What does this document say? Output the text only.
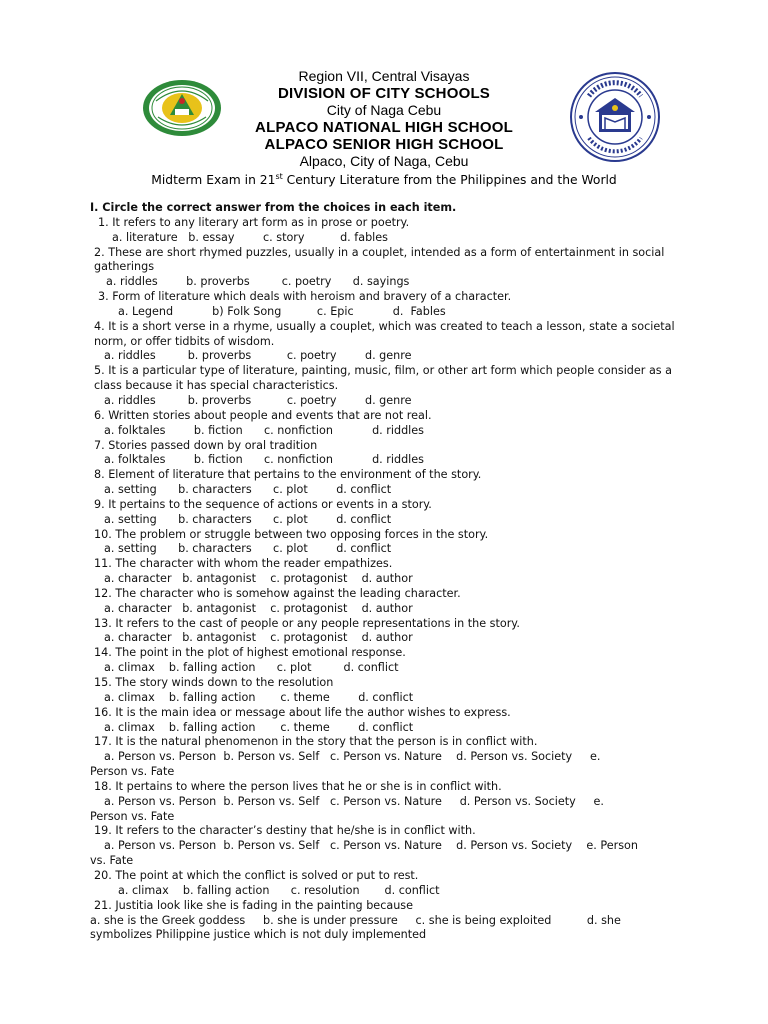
Region VII, Central Visayas
DIVISION OF CITY SCHOOLS
City of Naga Cebu
ALPACO NATIONAL HIGH SCHOOL
ALPACO SENIOR HIGH SCHOOL
Alpaco, City of Naga, Cebu
Midterm Exam in 21st Century Literature from the Philippines and the World
I. Circle the correct answer from the choices in each item.
1. It refers to any literary art form as in prose or poetry.
a. literature   b. essay        c. story          d. fables
2. These are short rhymed puzzles, usually in a couplet, intended as a form of entertainment in social gatherings
a. riddles        b. proverbs         c. poetry      d. sayings
3. Form of literature which deals with heroism and bravery of a character.
a. Legend           b) Folk Song          c. Epic           d.  Fables
4. It is a short verse in a rhyme, usually a couplet, which was created to teach a lesson, state a societal norm, or offer tidbits of wisdom.
a. riddles         b. proverbs          c. poetry        d. genre
5. It is a particular type of literature, painting, music, film, or other art form which people consider as a class because it has special characteristics.
a. riddles         b. proverbs          c. poetry        d. genre
6. Written stories about people and events that are not real.
a. folktales        b. fiction      c. nonfiction           d. riddles
7. Stories passed down by oral tradition
a. folktales        b. fiction      c. nonfiction           d. riddles
8. Element of literature that pertains to the environment of the story.
a. setting      b. characters      c. plot        d. conflict
9. It pertains to the sequence of actions or events in a story.
a. setting      b. characters      c. plot        d. conflict
10. The problem or struggle between two opposing forces in the story.
a. setting      b. characters      c. plot        d. conflict
11. The character with whom the reader empathizes.
a. character   b. antagonist    c. protagonist    d. author
12. The character who is somehow against the leading character.
a. character   b. antagonist    c. protagonist    d. author
13. It refers to the cast of people or any people representations in the story.
a. character   b. antagonist    c. protagonist    d. author
14. The point in the plot of highest emotional response.
a. climax    b. falling action      c. plot         d. conflict
15. The story winds down to the resolution
a. climax    b. falling action       c. theme        d. conflict
16. It is the main idea or message about life the author wishes to express.
a. climax    b. falling action       c. theme        d. conflict
17. It is the natural phenomenon in the story that the person is in conflict with.
a. Person vs. Person  b. Person vs. Self   c. Person vs. Nature    d. Person vs. Society     e.
Person vs. Fate
18. It pertains to where the person lives that he or she is in conflict with.
a. Person vs. Person  b. Person vs. Self   c. Person vs. Nature     d. Person vs. Society     e.
Person vs. Fate
19. It refers to the character’s destiny that he/she is in conflict with.
a. Person vs. Person  b. Person vs. Self   c. Person vs. Nature    d. Person vs. Society    e. Person
vs. Fate
20. The point at which the conflict is solved or put to rest.
a. climax    b. falling action      c. resolution       d. conflict
21. Justitia look like she is fading in the painting because
a. she is the Greek goddess     b. she is under pressure     c. she is being exploited          d. she
symbolizes Philippine justice which is not duly implemented
